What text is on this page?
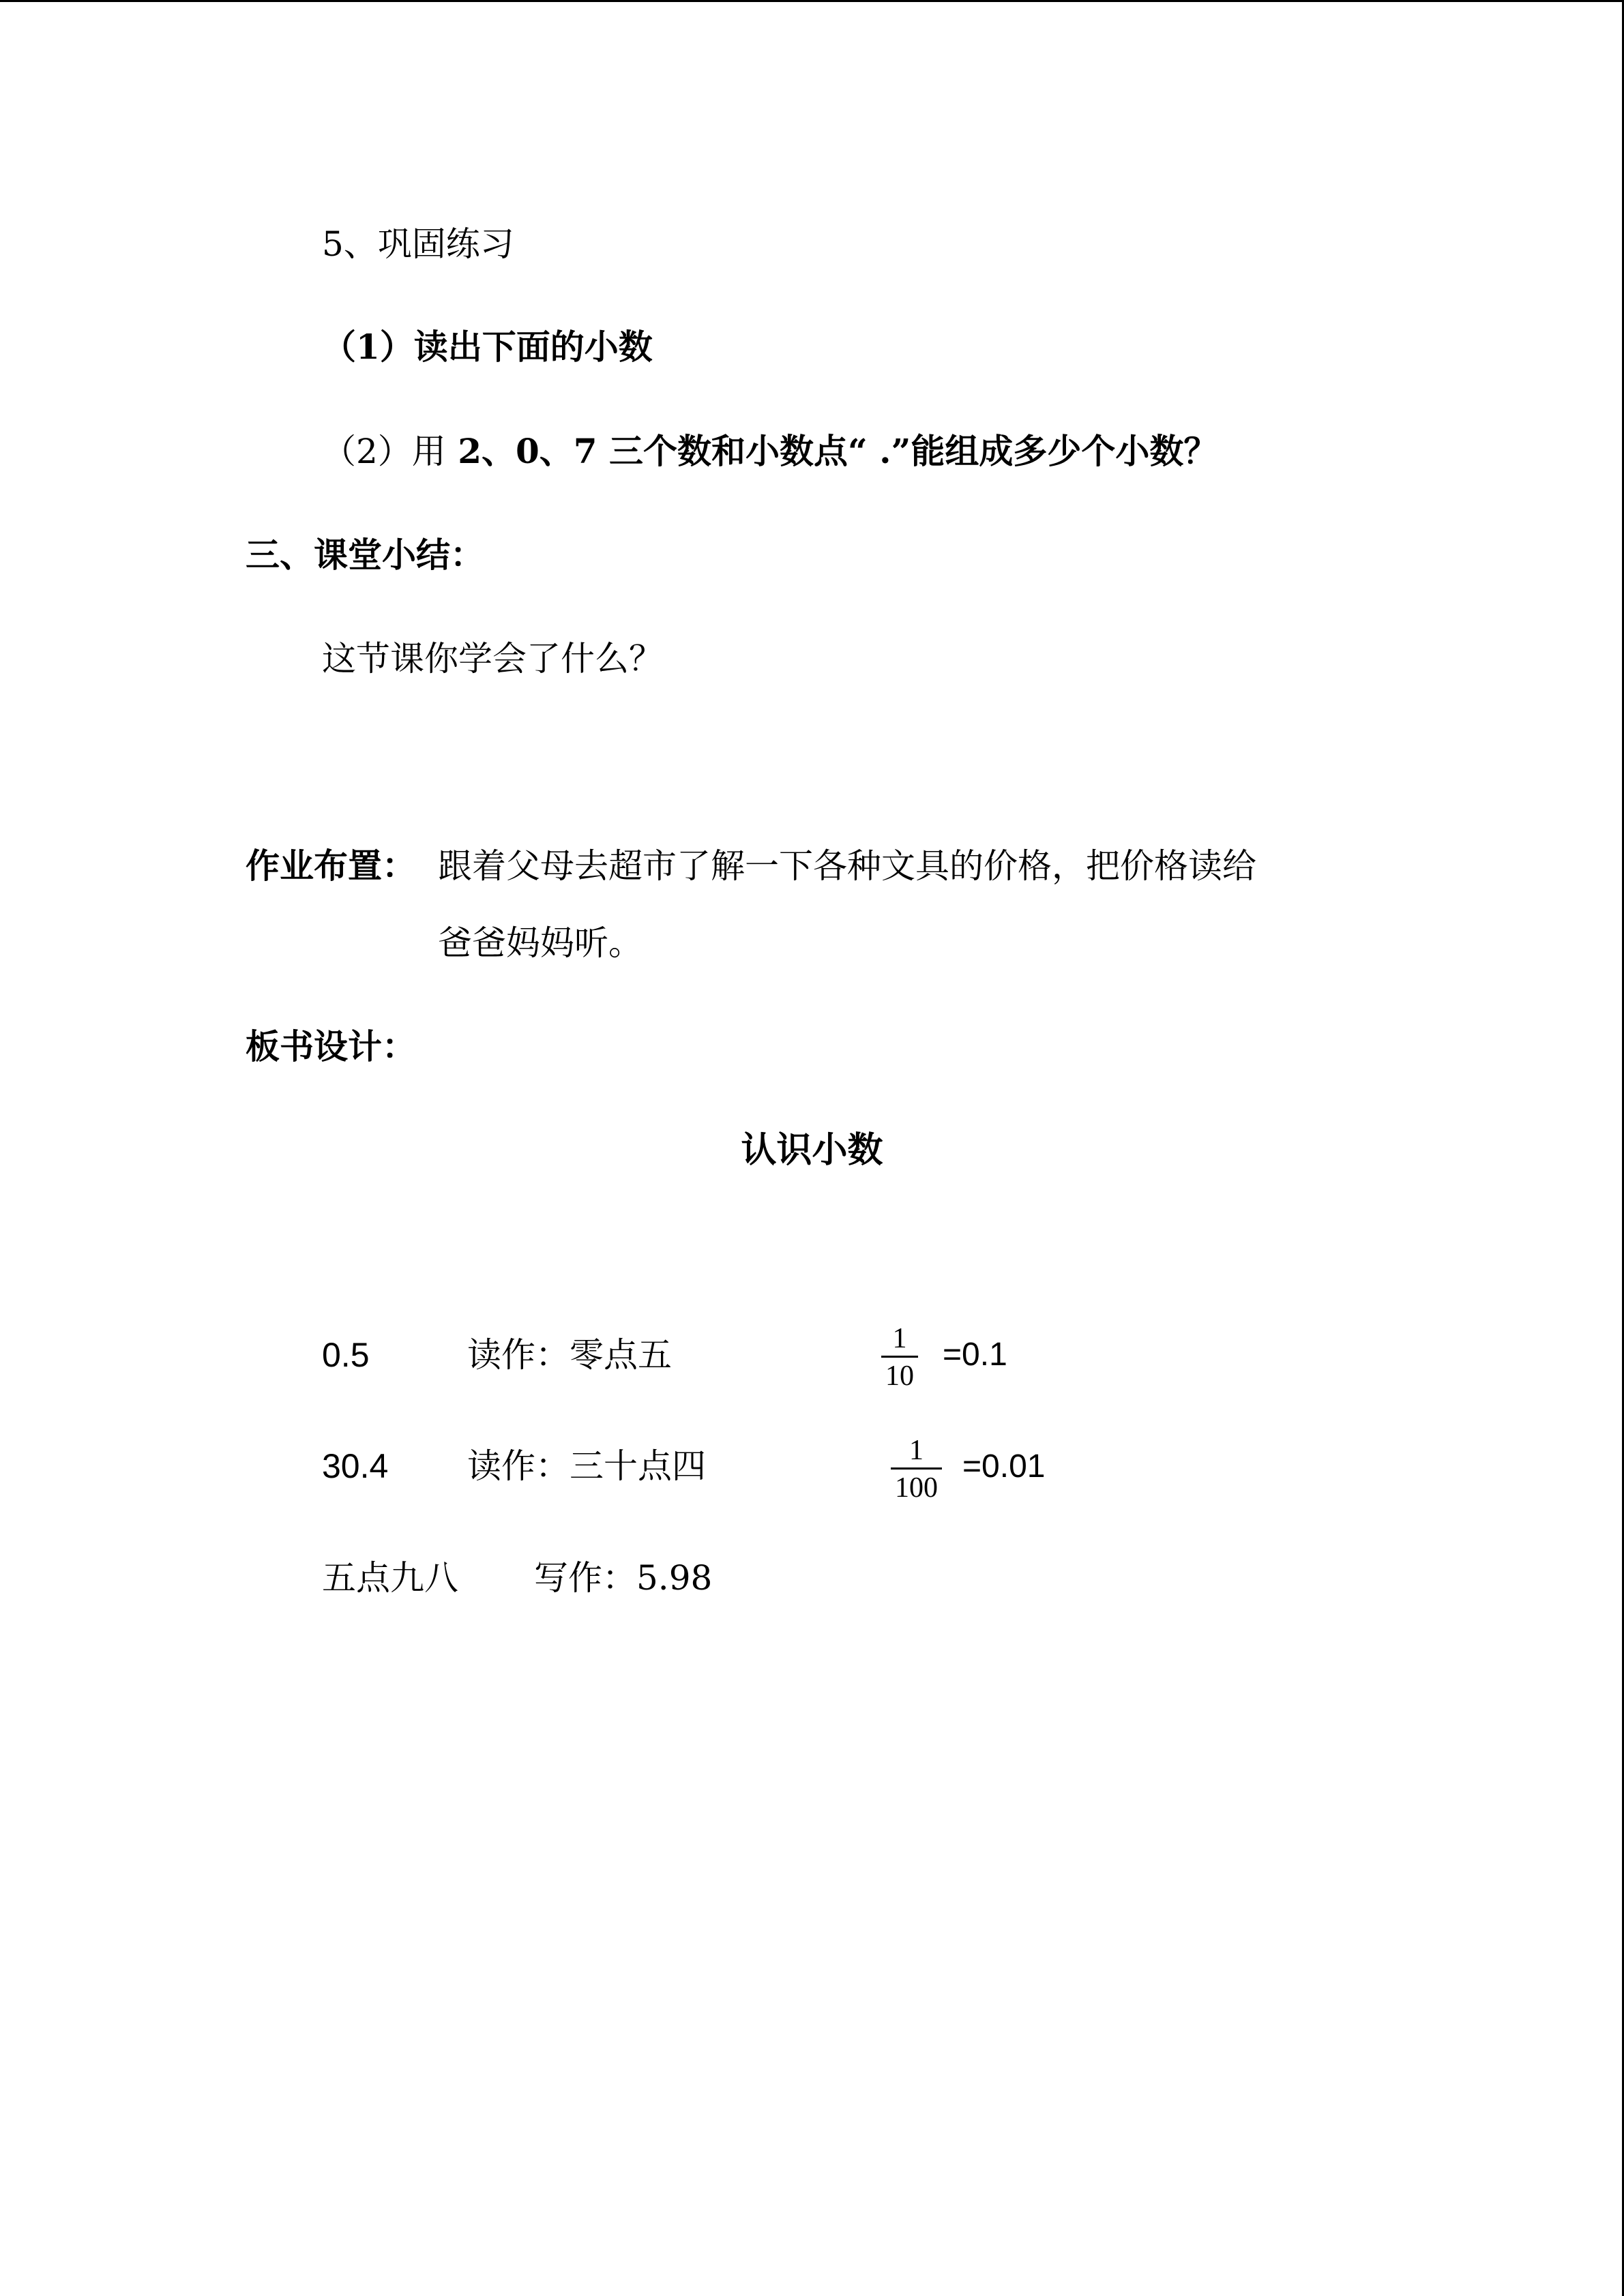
5、巩固练习
（1）读出下面的小数
（2）用 2、0、7 三个数和小数点“ .”能组成多少个小数？
三、课堂小结：
这节课你学会了什么？
作业布置： 跟着父母去超市了解一下各种文具的价格，把价格读给
爸爸妈妈听。
板书设计：
认识小数
0.5	读作：零点五
30.4 读作：三十点四
五点九八 写作：5.98
1
10
=0.1
1
100
=0.01
